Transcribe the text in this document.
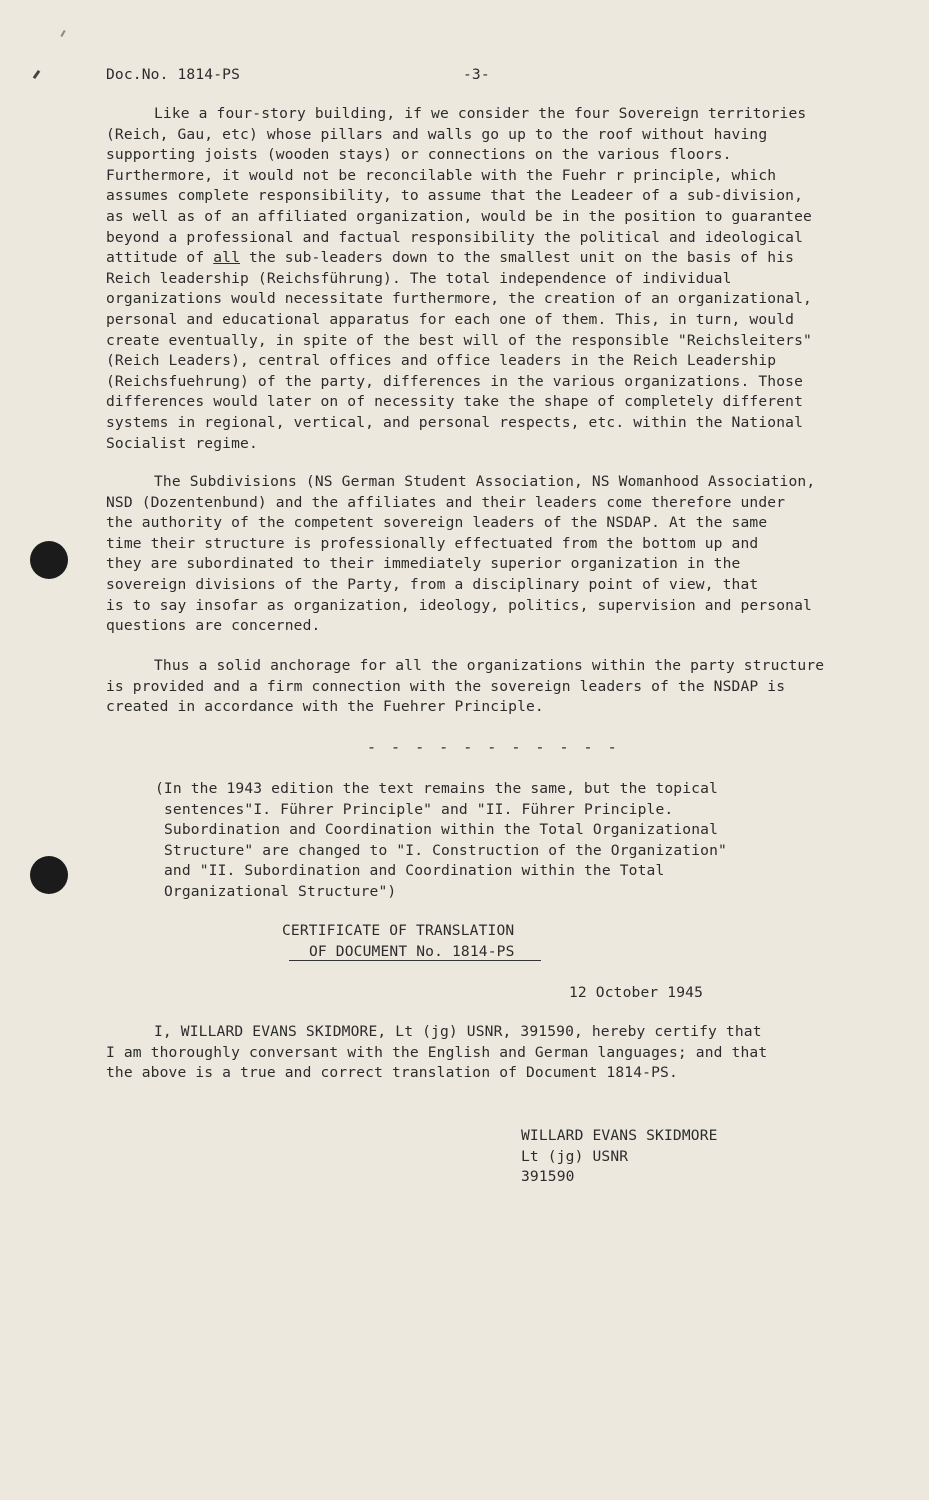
Doc.No. 1814-PS	-3-
Like a four-story building, if we consider the four Sovereign territories
(Reich, Gau, etc) whose pillars and walls go up to the roof without having
supporting joists (wooden stays) or connections on the various floors.
Furthermore, it would not be reconcilable with the Fuehr r principle, which
assumes complete responsibility, to assume that the Leadeer of a sub-division,
as well as of an affiliated organization, would be in the position to guarantee
beyond a professional and factual responsibility the political and ideological
attitude of all the sub-leaders down to the smallest unit on the basis of his
Reich leadership (Reichsführung). The total independence of individual
organizations would necessitate furthermore, the creation of an organizational,
personal and educational apparatus for each one of them. This, in turn, would
create eventually, in spite of the best will of the responsible "Reichsleiters"
(Reich Leaders), central offices and office leaders in the Reich Leadership
(Reichsfuehrung) of the party, differences in the various organizations. Those
differences would later on of necessity take the shape of completely different
systems in regional, vertical, and personal respects, etc. within the National
Socialist regime.
The Subdivisions (NS German Student Association, NS Womanhood Association,
NSD (Dozentenbund) and the affiliates and their leaders come therefore under
the authority of the competent sovereign leaders of the NSDAP. At the same
time their structure is professionally effectuated from the bottom up and
they are subordinated to their immediately superior organization in the
sovereign divisions of the Party, from a disciplinary point of view, that
is to say insofar as organization, ideology, politics, supervision and personal
questions are concerned.
Thus a solid anchorage for all the organizations within the party structure
is provided and a firm connection with the sovereign leaders of the NSDAP is
created in accordance with the Fuehrer Principle.
- - - - - - - - - - -
(In the 1943 edition the text remains the same, but the topical
sentences"I. Führer Principle" and "II. Führer Principle.
Subordination and Coordination within the Total Organizational
Structure" are changed to "I. Construction of the Organization"
and "II. Subordination and Coordination within the Total
Organizational Structure")
CERTIFICATE OF TRANSLATION
OF DOCUMENT No. 1814-PS
12 October 1945
I, WILLARD EVANS SKIDMORE, Lt (jg) USNR, 391590, hereby certify that
I am thoroughly conversant with the English and German languages; and that
the above is a true and correct translation of Document 1814-PS.
WILLARD EVANS SKIDMORE
Lt (jg) USNR
391590
